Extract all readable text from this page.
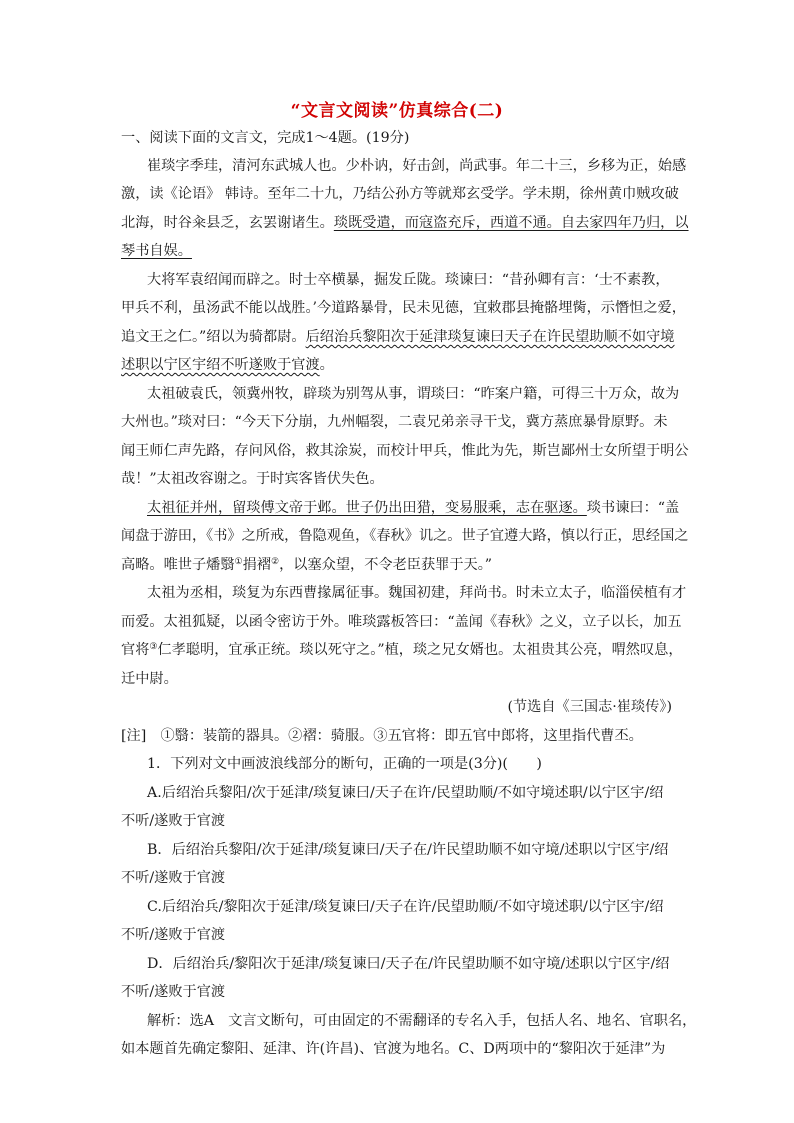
“文言文阅读”仿真综合(二)
一、阅读下面的文言文，完成1～4题。(19分)
崔琰字季珪，清河东武城人也。少朴讷，好击剑，尚武事。年二十三，乡移为正，始感
激，读《论语》 韩诗。至年二十九，乃结公孙方等就郑玄受学。学未期，徐州黄巾贼攻破
北海，时谷籴县乏，玄罢谢诸生。琰既受遣，而寇盗充斥，西道不通。自去家四年乃归，以
琴书自娱。
大将军袁绍闻而辟之。时士卒横暴，掘发丘陇。琰谏曰：“昔孙卿有言：‘士不素教，
甲兵不利，虽汤武不能以战胜。’今道路暴骨，民未见德，宜敕郡县掩骼埋胔，示憯怛之爱，
追文王之仁。”绍以为骑都尉。后绍治兵黎阳次于延津琰复谏曰天子在许民望助顺不如守境
述职以宁区宇绍不听遂败于官渡。
太祖破袁氏，领冀州牧，辟琰为别驾从事，谓琰曰：“昨案户籍，可得三十万众，故为
大州也。”琰对曰：“今天下分崩，九州幅裂，二袁兄弟亲寻干戈，冀方蒸庶暴骨原野。未
闻王师仁声先路，存问风俗，救其涂炭，而校计甲兵，惟此为先，斯岂鄙州士女所望于明公
哉！”太祖改容谢之。于时宾客皆伏失色。
太祖征并州，留琰傅文帝于邺。世子仍出田猎，变易服乘，志在驱逐。琰书谏曰：“盖
闻盘于游田，《书》之所戒，鲁隐观鱼，《春秋》讥之。世子宜遵大路，慎以行正，思经国之
高略。唯世子燔翳①捐褶②，以塞众望，不令老臣获罪于天。”
太祖为丞相，琰复为东西曹掾属征事。魏国初建，拜尚书。时未立太子，临淄侯植有才
而爱。太祖狐疑，以函令密访于外。唯琰露板答曰：“盖闻《春秋》之义，立子以长，加五
官将③仁孝聪明，宜承正统。琰以死守之。”植，琰之兄女婿也。太祖贵其公亮，喟然叹息，
迁中尉。
(节选自《三国志·崔琰传》)
[注]　①翳：装箭的器具。②褶：骑服。③五官将：即五官中郎将，这里指代曹丕。
1．下列对文中画波浪线部分的断句，正确的一项是(3分)(　　)
A.后绍治兵黎阳/次于延津/琰复谏曰/天子在许/民望助顺/不如守境述职/以宁区宇/绍
不听/遂败于官渡
B．后绍治兵黎阳/次于延津/琰复谏曰/天子在/许民望助顺不如守境/述职以宁区宇/绍
不听/遂败于官渡
C.后绍治兵/黎阳次于延津/琰复谏曰/天子在许/民望助顺/不如守境述职/以宁区宇/绍
不听/遂败于官渡
D．后绍治兵/黎阳次于延津/琰复谏曰/天子在/许民望助顺不如守境/述职以宁区宇/绍
不听/遂败于官渡
解析：选A　文言文断句，可由固定的不需翻译的专名入手，包括人名、地名、官职名，
如本题首先确定黎阳、延津、许(许昌)、官渡为地名。C、D两项中的“黎阳次于延津”为
